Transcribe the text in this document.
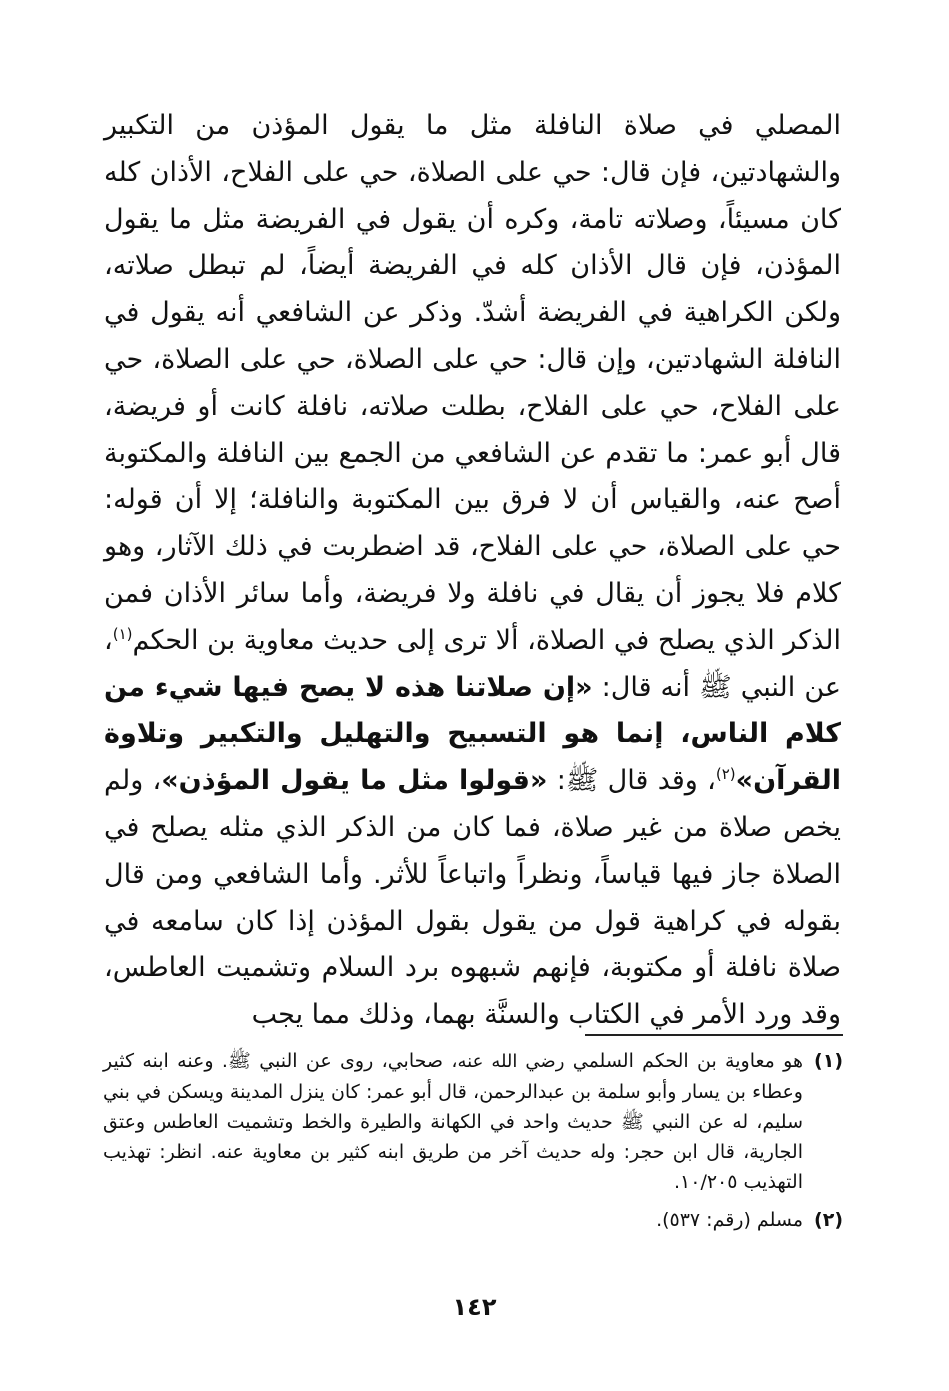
المصلي في صلاة النافلة مثل ما يقول المؤذن من التكبير والشهادتين، فإن قال: حي على الصلاة، حي على الفلاح، الأذان كله كان مسيئاً، وصلاته تامة، وكره أن يقول في الفريضة مثل ما يقول المؤذن، فإن قال الأذان كله في الفريضة أيضاً، لم تبطل صلاته، ولكن الكراهية في الفريضة أشدّ. وذكر عن الشافعي أنه يقول في النافلة الشهادتين، وإن قال: حي على الصلاة، حي على الصلاة، حي على الفلاح، حي على الفلاح، بطلت صلاته، نافلة كانت أو فريضة، قال أبو عمر: ما تقدم عن الشافعي من الجمع بين النافلة والمكتوبة أصح عنه، والقياس أن لا فرق بين المكتوبة والنافلة؛ إلا أن قوله: حي على الصلاة، حي على الفلاح، قد اضطربت في ذلك الآثار، وهو كلام فلا يجوز أن يقال في نافلة ولا فريضة، وأما سائر الأذان فمن الذكر الذي يصلح في الصلاة، ألا ترى إلى حديث معاوية بن الحكم$^{(١)}$، عن النبي ﷺ أنه قال: «إن صلاتنا هذه لا يصح فيها شيء من كلام الناس، إنما هو التسبيح والتهليل والتكبير وتلاوة القرآن»$^{(٢)}$، وقد قال ﷺ: «قولوا مثل ما يقول المؤذن»، ولم يخص صلاة من غير صلاة، فما كان من الذكر الذي مثله يصلح في الصلاة جاز فيها قياساً، ونظراً واتباعاً للأثر. وأما الشافعي ومن قال بقوله في كراهية قول من يقول بقول المؤذن إذا كان سامعه في صلاة نافلة أو مكتوبة، فإنهم شبهوه برد السلام وتشميت العاطس، وقد ورد الأمر في الكتاب والسنَّة بهما، وذلك مما يجب
(١)
هو معاوية بن الحكم السلمي رضي الله عنه، صحابي، روى عن النبي ﷺ. وعنه ابنه كثير وعطاء بن يسار وأبو سلمة بن عبدالرحمن، قال أبو عمر: كان ينزل المدينة ويسكن في بني سليم، له عن النبي ﷺ حديث واحد في الكهانة والطيرة والخط وتشميت العاطس وعتق الجارية، قال ابن حجر: وله حديث آخر من طريق ابنه كثير بن معاوية عنه. انظر: تهذيب التهذيب ١٠/٢٠٥.
(٢)
مسلم (رقم: ٥٣٧).
١٤٢
